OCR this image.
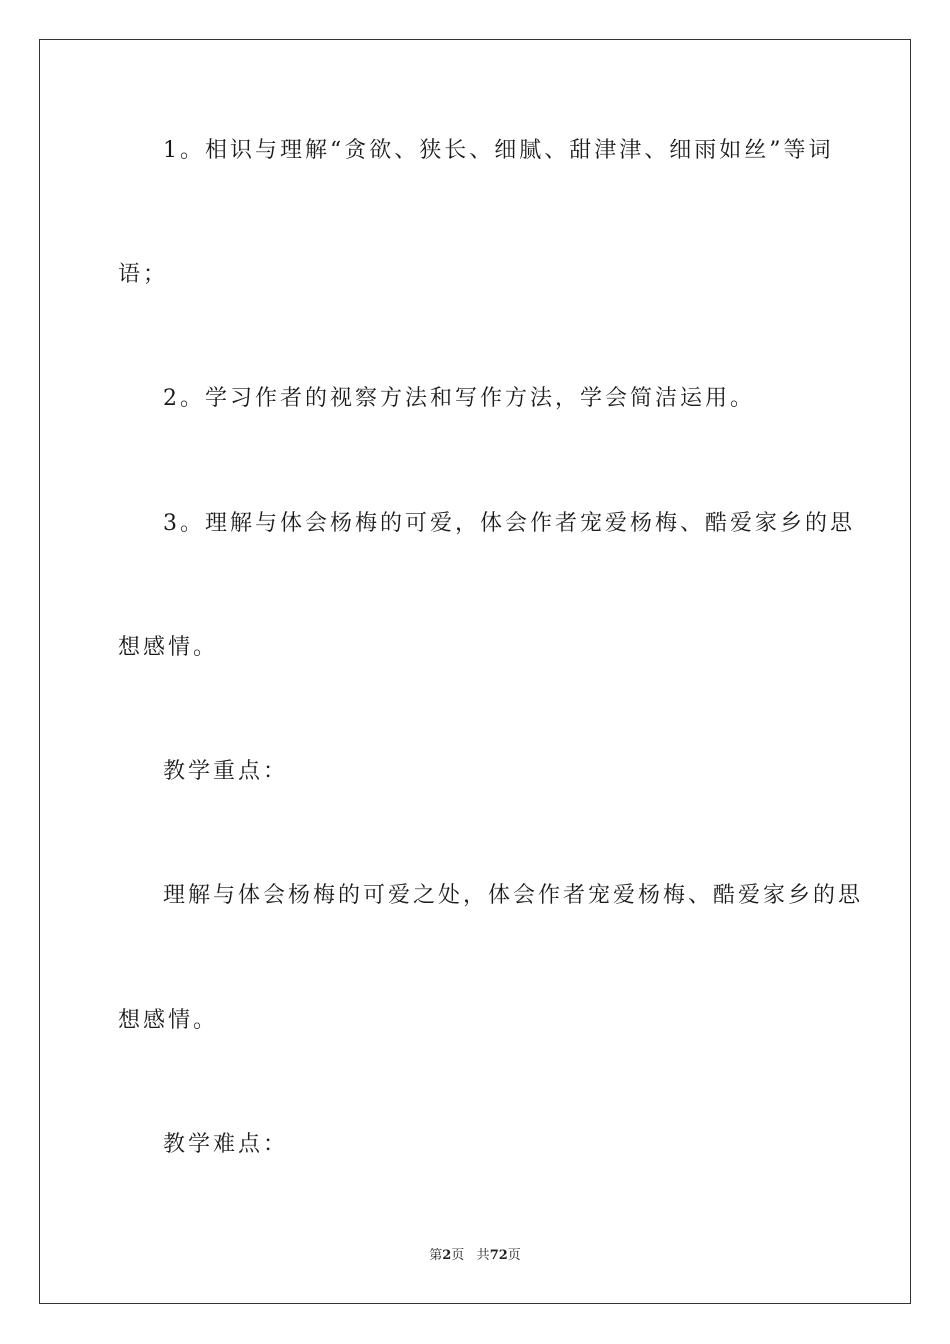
1。相识与理解“贪欲、狭长、细腻、甜津津、细雨如丝”等词
语；
2。学习作者的视察方法和写作方法，学会简洁运用。
3。理解与体会杨梅的可爱，体会作者宠爱杨梅、酷爱家乡的思
想感情。
教学重点：
理解与体会杨梅的可爱之处，体会作者宠爱杨梅、酷爱家乡的思
想感情。
教学难点：
第2页 共72页
